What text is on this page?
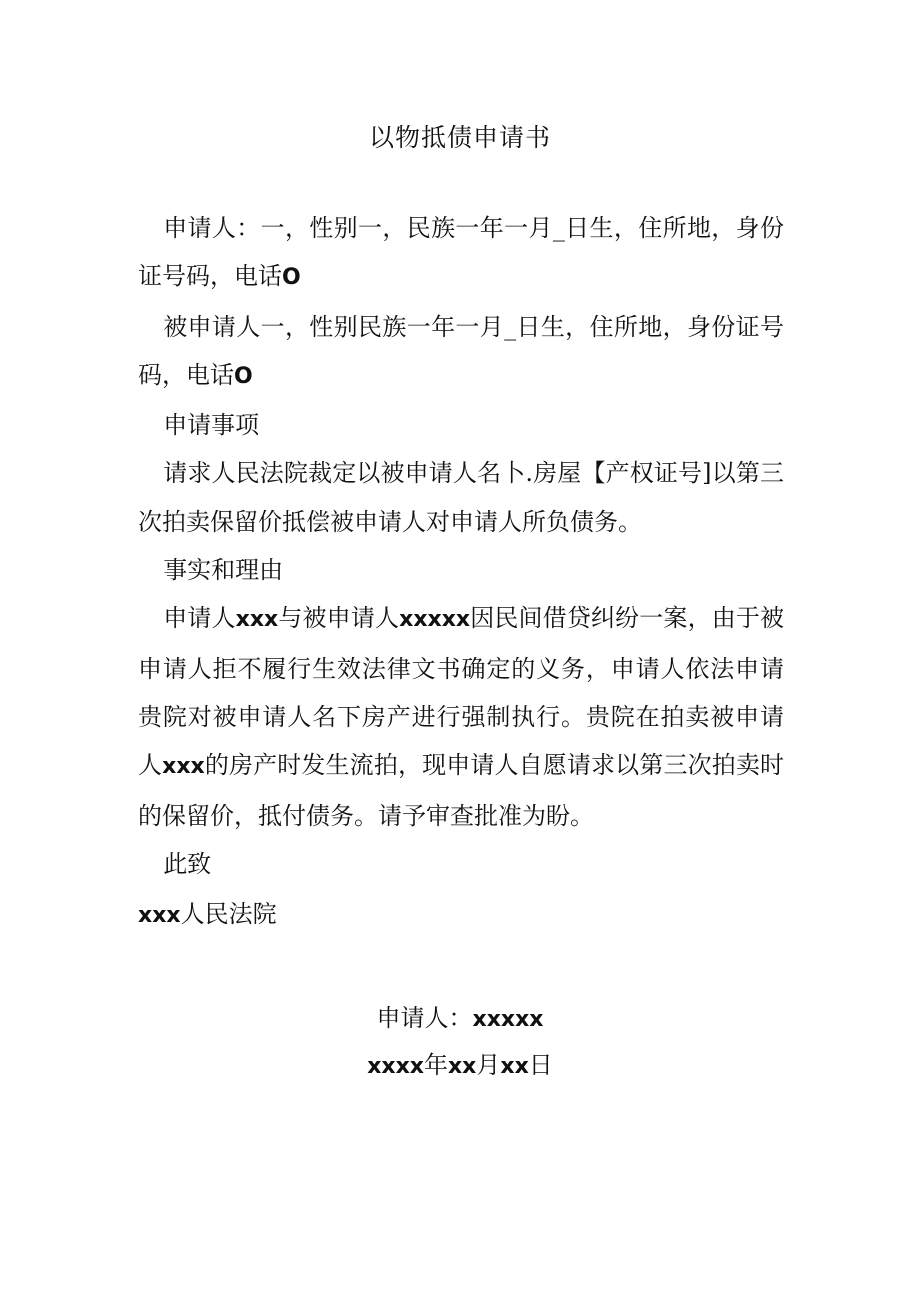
以物抵债申请书

申请人：一，性别一，民族一年一月_日生，住所地，身份证号码，电话O

被申请人一，性别民族一年一月_日生，住所地，身份证号码，电话O

申请事项

请求人民法院裁定以被申请人名卜.房屋【产权证号]以第三次拍卖保留价抵偿被申请人对申请人所负债务。

事实和理由

申请人xxx与被申请人xxxxx因民间借贷纠纷一案，由于被申请人拒不履行生效法律文书确定的义务，申请人依法申请贵院对被申请人名下房产进行强制执行。贵院在拍卖被申请人xxx的房产时发生流拍，现申请人自愿请求以第三次拍卖时的保留价，抵付债务。请予审查批准为盼。

此致

xxx人民法院

申请人：xxxxx
xxxx年xx月xx日
